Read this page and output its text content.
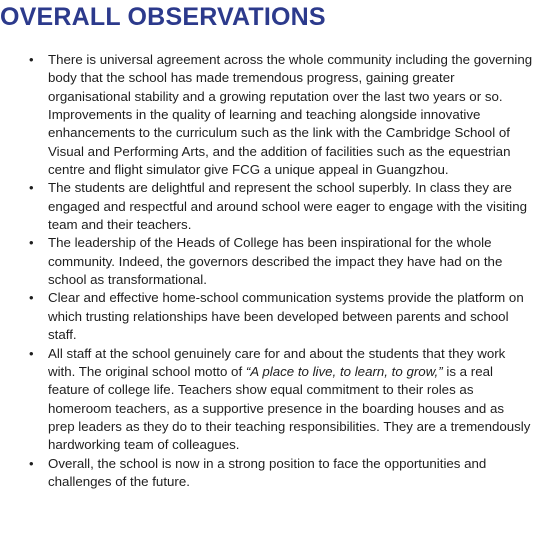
OVERALL OBSERVATIONS
• There is universal agreement across the whole community including the governing body that the school has made tremendous progress, gaining greater organisational stability and a growing reputation over the last two years or so. Improvements in the quality of learning and teaching alongside innovative enhancements to the curriculum such as the link with the Cambridge School of Visual and Performing Arts, and the addition of facilities such as the equestrian centre and flight simulator give FCG a unique appeal in Guangzhou.
• The students are delightful and represent the school superbly. In class they are engaged and respectful and around school were eager to engage with the visiting team and their teachers.
• The leadership of the Heads of College has been inspirational for the whole community. Indeed, the governors described the impact they have had on the school as transformational.
• Clear and effective home-school communication systems provide the platform on which trusting relationships have been developed between parents and school staff.
• All staff at the school genuinely care for and about the students that they work with. The original school motto of “A place to live, to learn, to grow,” is a real feature of college life. Teachers show equal commitment to their roles as homeroom teachers, as a supportive presence in the boarding houses and as prep leaders as they do to their teaching responsibilities. They are a tremendously hardworking team of colleagues.
• Overall, the school is now in a strong position to face the opportunities and challenges of the future.
